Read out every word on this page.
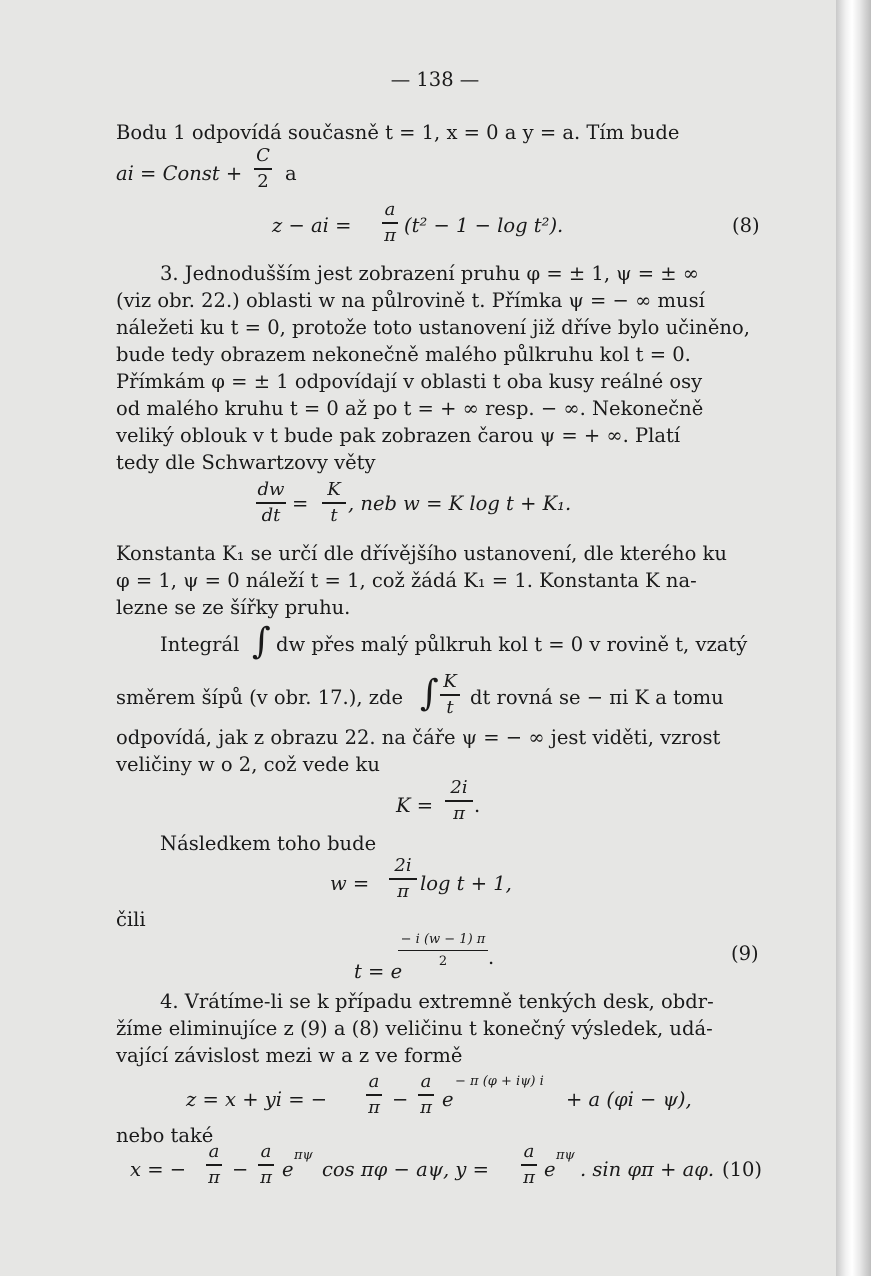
— 138 —
Bodu 1 odpovídá současně t = 1, x = 0 a y = a. Tím bude
ai = Const +
C
2 a
z − ai =
a
π (t² − 1 − log t²).	(8)
3. Jednodušším jest zobrazení pruhu φ = ± 1, ψ = ± ∞
(viz obr. 22.) oblasti w na půlrovině t. Přímka ψ = − ∞ musí
náležeti ku t = 0, protože toto ustanovení již dříve bylo učiněno,
bude tedy obrazem nekonečně malého půlkruhu kol t = 0.
Přímkám φ = ± 1 odpovídají v oblasti t oba kusy reálné osy
od malého kruhu t = 0 až po t = + ∞ resp. − ∞. Nekonečně
veliký oblouk v t bude pak zobrazen čarou ψ = + ∞. Platí
tedy dle Schwartzovy věty
dw
dt
=
K
t
, neb w = K log t + K₁.
Konstanta K₁ se určí dle dřívějšího ustanovení, dle kterého ku
φ = 1, ψ = 0 náleží t = 1, což žádá K₁ = 1. Konstanta K na-
lezne se ze šířky pruhu.
Integrál ∫ dw přes malý půlkruh kol t = 0 v rovině t, vzatý
směrem šípů (v obr. 17.), zde ∫ K
t dt rovná se − πi K a tomu
odpovídá, jak z obrazu 22. na čáře ψ = − ∞ jest viděti, vzrost
veličiny w o 2, což vede ku
K =
2i
π .
Následkem toho bude
w =
2i
π log t + 1,
čili
− i (w − 1) π
2
t = e
.	(9)
4. Vrátíme-li se k případu extremně tenkých desk, obdr-
žíme eliminujíce z (9) a (8) veličinu t konečný výsledek, udá-
vající závislost mezi w a z ve formě
z = x + yi = −
a
π −
a
π e
− π (φ + iψ) i
+ a (φi − ψ),
nebo také
x = −
a
π −
a
π e
πψ
cos πφ − aψ, y =
a
π e
πψ
. sin φπ + aφ. (10)
